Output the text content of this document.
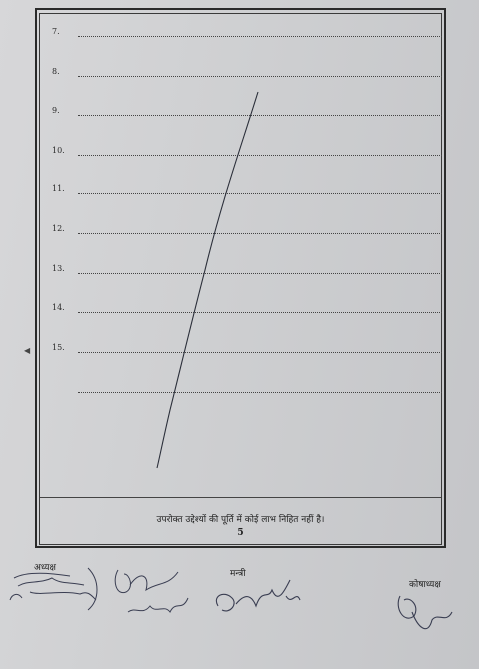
7.
8.
9.
10.
11.
12.
13.
14.
15.
◀
उपरोक्त उद्देश्यों की पूर्ति में कोई लाभ निहित नहीं है।
5
अध्यक्ष
मन्त्री
कोषाध्यक्ष
